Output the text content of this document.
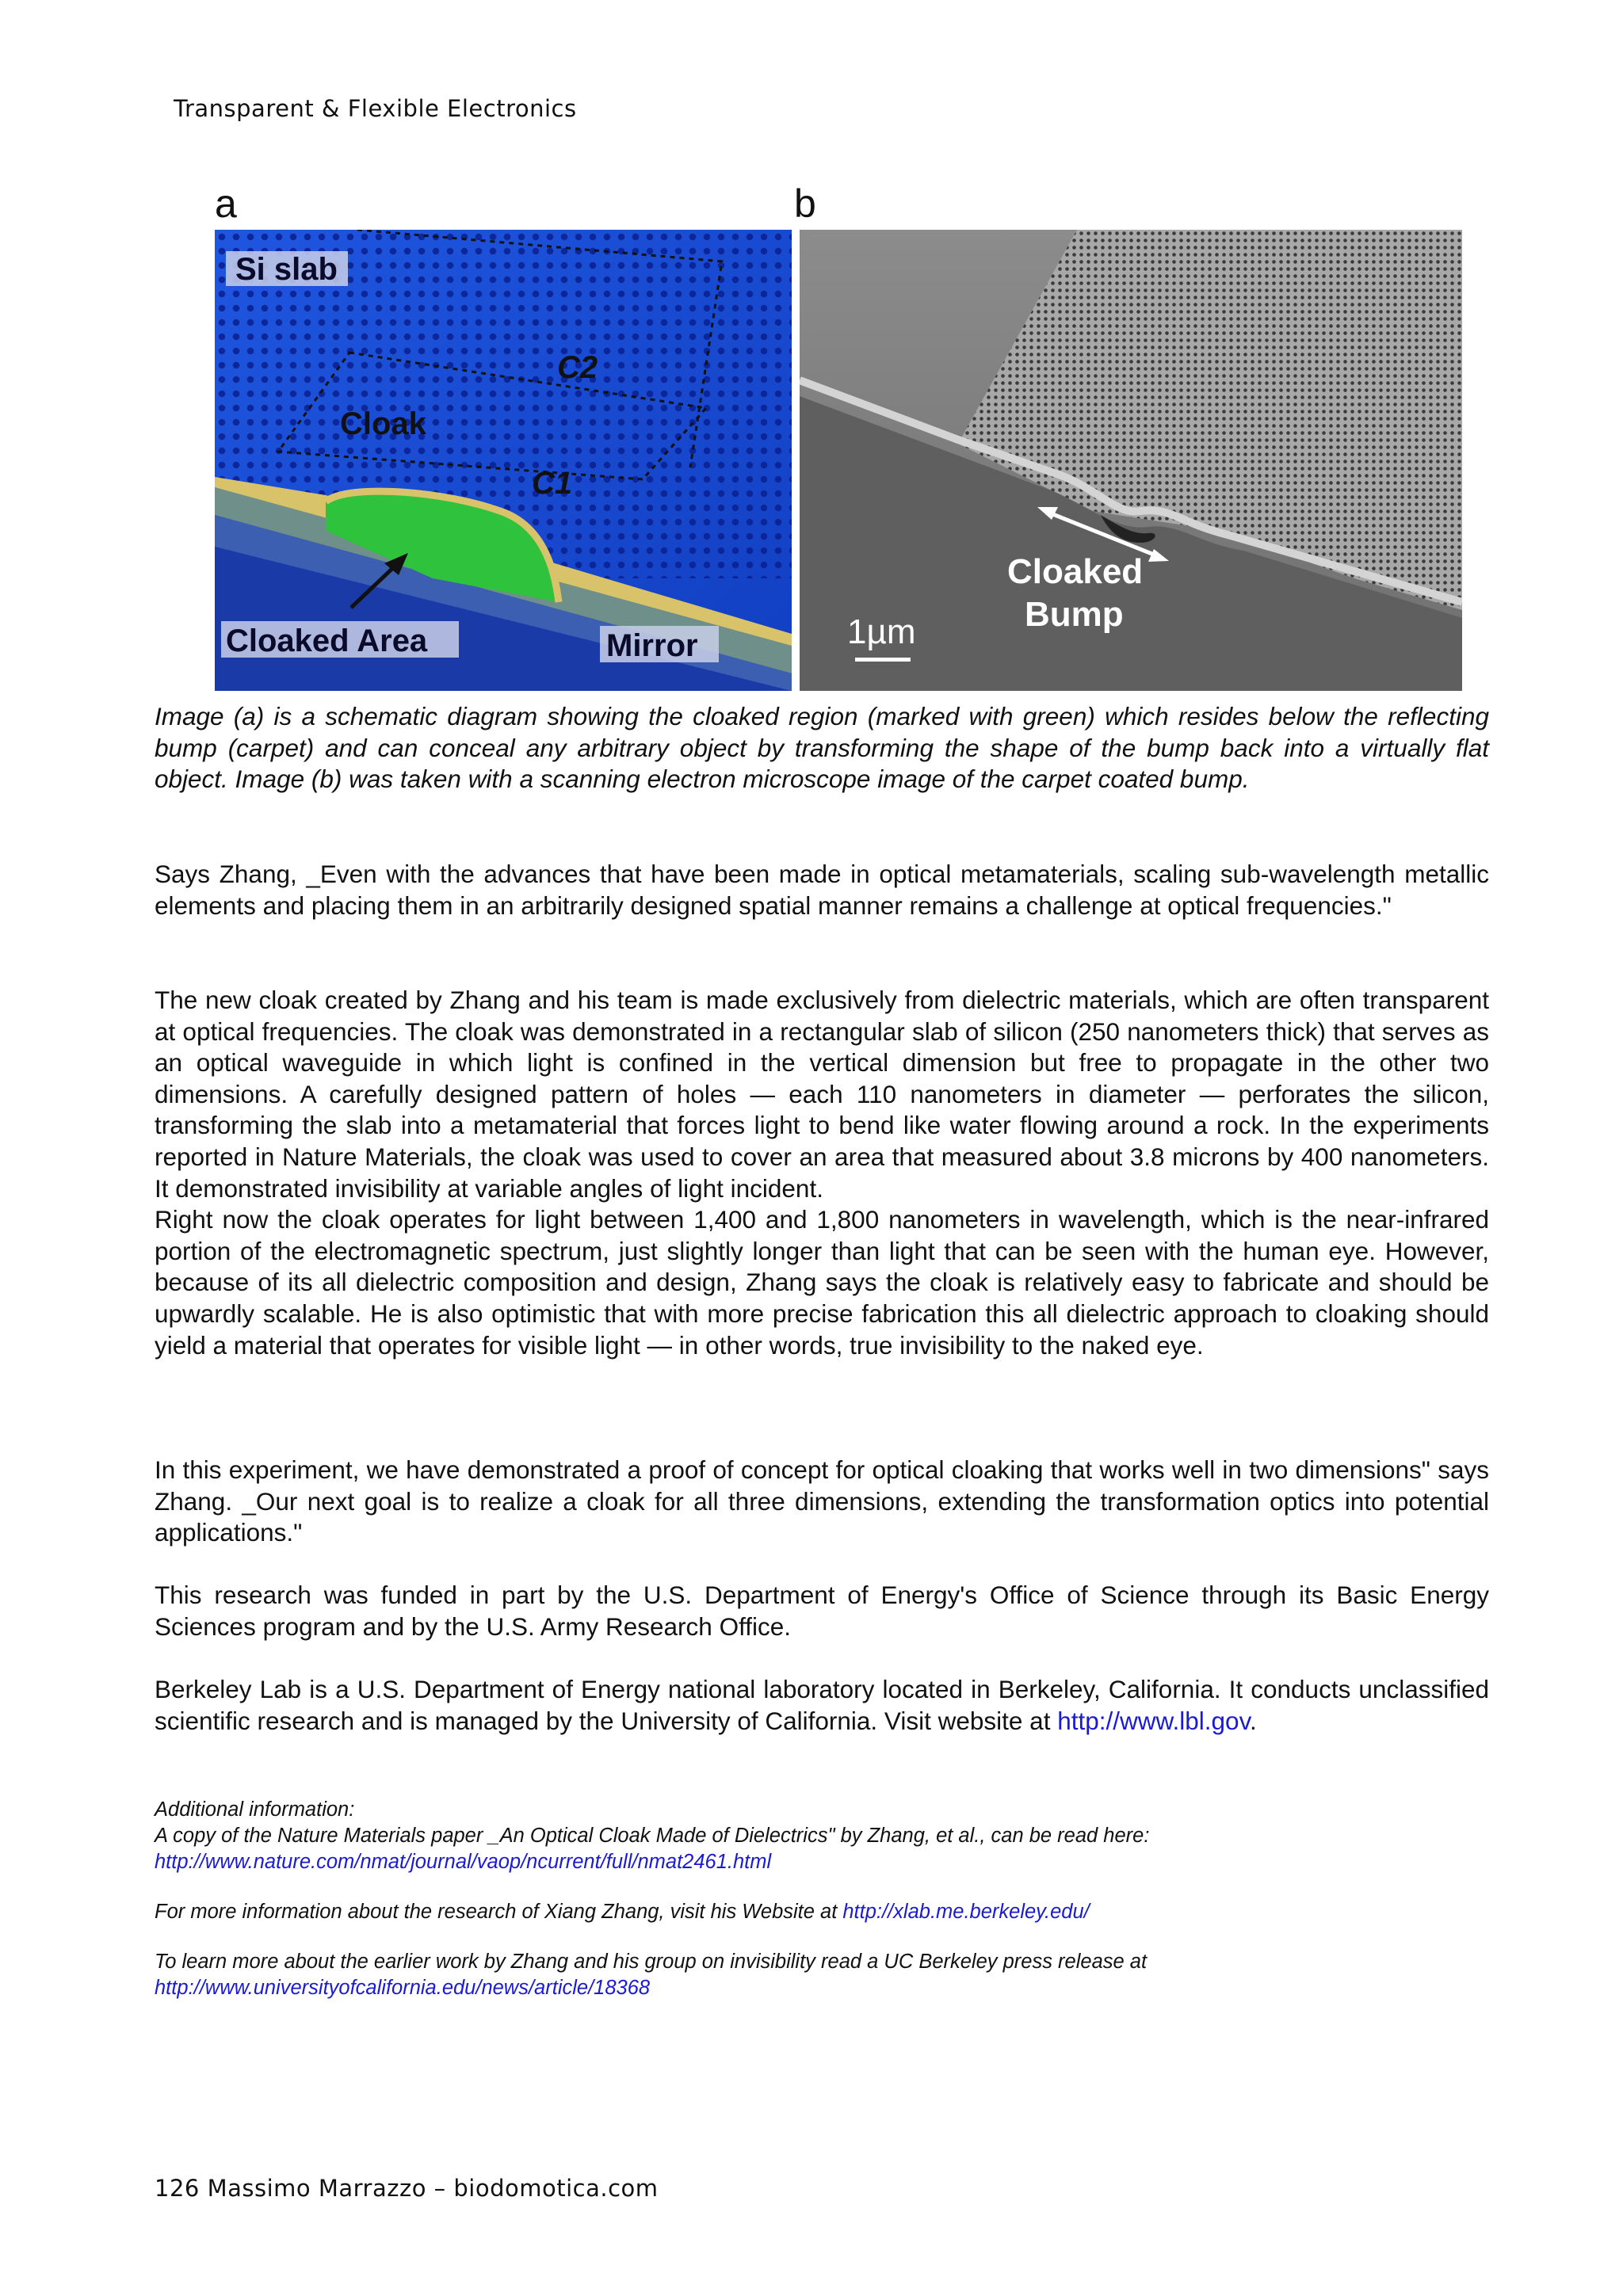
Transparent & Flexible Electronics
a	b
Si slab
C2
Cloak
C1
Cloaked Area	Mirror
Cloaked
Bump
1µm
Image (a) is a schematic diagram showing the cloaked region (marked with green) which resides below the reflecting bump (carpet) and can conceal any arbitrary object by transforming the shape of the bump back into a virtually flat object. Image (b) was taken with a scanning electron microscope image of the carpet coated bump.
Says Zhang, _Even with the advances that have been made in optical metamaterials, scaling sub-wavelength metallic elements and placing them in an arbitrarily designed spatial manner remains a challenge at optical frequencies."

The new cloak created by Zhang and his team is made exclusively from dielectric materials, which are often transparent at optical frequencies. The cloak was demonstrated in a rectangular slab of silicon (250 nanometers thick) that serves as an optical waveguide in which light is confined in the vertical dimension but free to propagate in the other two dimensions. A carefully designed pattern of holes — each 110 nanometers in diameter — perforates the silicon, transforming the slab into a metamaterial that forces light to bend like water flowing around a rock. In the experiments reported in Nature Materials, the cloak was used to cover an area that measured about 3.8 microns by 400 nanometers. It demonstrated invisibility at variable angles of light incident.

Right now the cloak operates for light between 1,400 and 1,800 nanometers in wavelength, which is the near-infrared portion of the electromagnetic spectrum, just slightly longer than light that can be seen with the human eye. However, because of its all dielectric composition and design, Zhang says the cloak is relatively easy to fabricate and should be upwardly scalable. He is also optimistic that with more precise fabrication this all dielectric approach to cloaking should yield a material that operates for visible light — in other words, true invisibility to the naked eye.

In this experiment, we have demonstrated a proof of concept for optical cloaking that works well in two dimensions" says Zhang. _Our next goal is to realize a cloak for all three dimensions, extending the transformation optics into potential applications."
This research was funded in part by the U.S. Department of Energy's Office of Science through its Basic Energy Sciences program and by the U.S. Army Research Office.
Berkeley Lab is a U.S. Department of Energy national laboratory located in Berkeley, California. It conducts unclassified scientific research and is managed by the University of California. Visit website at http://www.lbl.gov.

Additional information:

A copy of the Nature Materials paper _An Optical Cloak Made of Dielectrics" by Zhang, et al., can be read here:

http://www.nature.com/nmat/journal/vaop/ncurrent/full/nmat2461.html

For more information about the research of Xiang Zhang, visit his Website at http://xlab.me.berkeley.edu/

To learn more about the earlier work by Zhang and his group on invisibility read a UC Berkeley press release at

http://www.universityofcalifornia.edu/news/article/18368

126 Massimo Marrazzo – biodomotica.com
